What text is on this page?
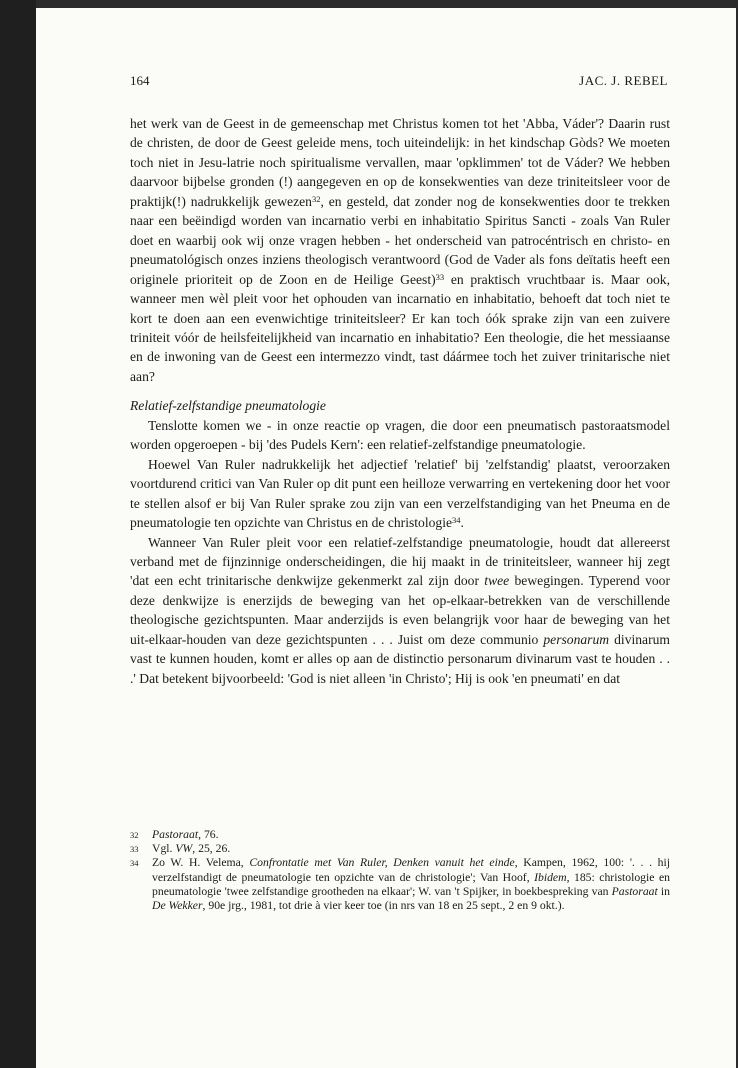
164	JAC. J. REBEL

het werk van de Geest in de gemeenschap met Christus komen tot het 'Abba, Váder'? Daarin rust de christen, de door de Geest geleide mens, toch uiteindelijk: in het kindschap Gòds? We moeten toch niet in Jesu-latrie noch spiritualisme vervallen, maar 'opklimmen' tot de Váder? We hebben daarvoor bijbelse gronden (!) aangegeven en op de konsekwenties van deze triniteitsleer voor de praktijk(!) nadrukkelijk gewezen$^{32}$, en gesteld, dat zonder nog de konsekwenties door te trekken naar een beëindigd worden van incarnatio verbi en inhabitatio Spiritus Sancti - zoals Van Ruler doet en waarbij ook wij onze vragen hebben - het onderscheid van patrocéntrisch en christo- en pneumatológisch onzes inziens theologisch verantwoord (God de Vader als fons deïtatis heeft een originele prioriteit op de Zoon en de Heilige Geest)$^{33}$ en praktisch vruchtbaar is. Maar ook, wanneer men wèl pleit voor het ophouden van incarnatio en inhabitatio, behoeft dat toch niet te kort te doen aan een evenwichtige triniteitsleer? Er kan toch óók sprake zijn van een zuivere triniteit vóór de heilsfeitelijkheid van incarnatio en inhabitatio? Een theologie, die het messiaanse en de inwoning van de Geest een intermezzo vindt, tast dáármee toch het zuiver trinitarische niet aan?

Relatief-zelfstandige pneumatologie

Tenslotte komen we - in onze reactie op vragen, die door een pneumatisch pastoraatsmodel worden opgeroepen - bij 'des Pudels Kern': een relatief-zelfstandige pneumatologie.

Hoewel Van Ruler nadrukkelijk het adjectief 'relatief' bij 'zelfstandig' plaatst, veroorzaken voortdurend critici van Van Ruler op dit punt een heilloze verwarring en vertekening door het voor te stellen alsof er bij Van Ruler sprake zou zijn van een verzelfstandiging van het Pneuma en de pneumatologie ten opzichte van Christus en de christologie$^{34}$.

Wanneer Van Ruler pleit voor een relatief-zelfstandige pneumatologie, houdt dat allereerst verband met de fijnzinnige onderscheidingen, die hij maakt in de triniteitsleer, wanneer hij zegt 'dat een echt trinitarische denkwijze gekenmerkt zal zijn door twee bewegingen. Typerend voor deze denkwijze is enerzijds de beweging van het op-elkaar-betrekken van de verschillende theologische gezichtspunten. Maar anderzijds is even belangrijk voor haar de beweging van het uit-elkaar-houden van deze gezichtspunten . . . Juist om deze communio personarum divinarum vast te kunnen houden, komt er alles op aan de distinctio personarum divinarum vast te houden . . .' Dat betekent bijvoorbeeld: 'God is niet alleen 'in Christo'; Hij is ook 'en pneumati' en dat

32 Pastoraat, 76.
33 Vgl. VW, 25, 26.
34 Zo W. H. Velema, Confrontatie met Van Ruler, Denken vanuit het einde, Kampen, 1962, 100: '. . . hij verzelfstandigt de pneumatologie ten opzichte van de christologie'; Van Hoof, Ibidem, 185: christologie en pneumatologie 'twee zelfstandige grootheden na elkaar'; W. van 't Spijker, in boekbespreking van Pastoraat in De Wekker, 90e jrg., 1981, tot drie à vier keer toe (in nrs van 18 en 25 sept., 2 en 9 okt.).
